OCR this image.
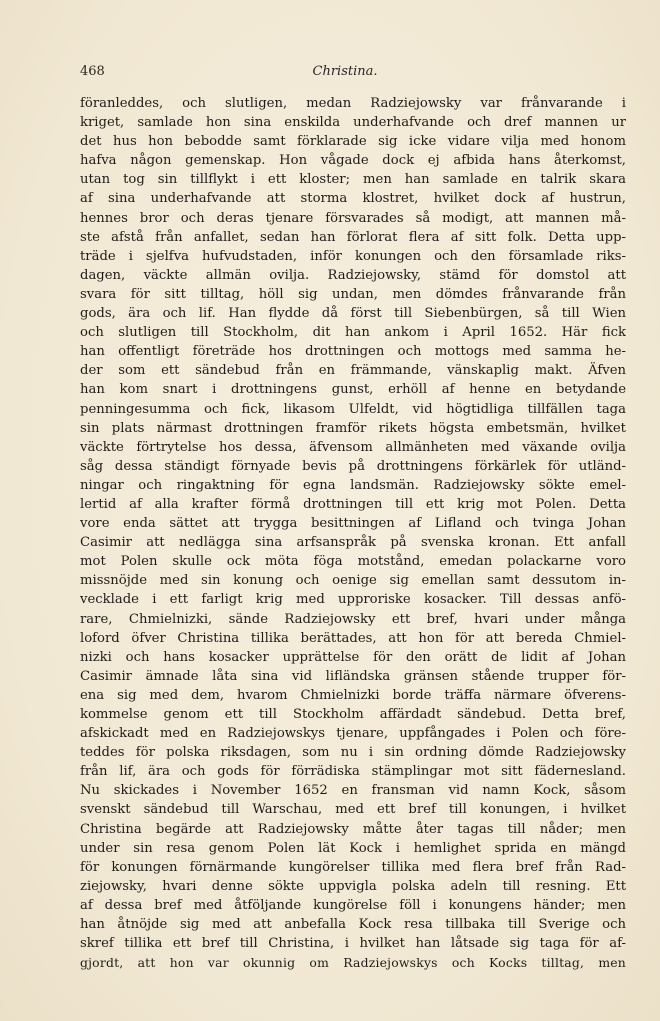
468	Christina.
föranleddes, och slutligen, medan Radziejowsky var frånvarande i
kriget, samlade hon sina enskilda underhafvande och dref mannen ur
det hus hon bebodde samt förklarade sig icke vidare vilja med honom
hafva någon gemenskap. Hon vågade dock ej afbida hans återkomst,
utan tog sin tillflykt i ett kloster; men han samlade en talrik skara
af sina underhafvande att storma klostret, hvilket dock af hustrun,
hennes bror och deras tjenare försvarades så modigt, att mannen må-
ste afstå från anfallet, sedan han förlorat flera af sitt folk. Detta upp-
träde i sjelfva hufvudstaden, inför konungen och den församlade riks-
dagen, väckte allmän ovilja. Radziejowsky, stämd för domstol att
svara för sitt tilltag, höll sig undan, men dömdes frånvarande från
gods, ära och lif. Han flydde då först till Siebenbürgen, så till Wien
och slutligen till Stockholm, dit han ankom i April 1652. Här fick
han offentligt företräde hos drottningen och mottogs med samma he-
der som ett sändebud från en främmande, vänskaplig makt. Äfven
han kom snart i drottningens gunst, erhöll af henne en betydande
penningesumma och fick, likasom Ulfeldt, vid högtidliga tillfällen taga
sin plats närmast drottningen framför rikets högsta embetsmän, hvilket
väckte förtrytelse hos dessa, äfvensom allmänheten med växande ovilja
såg dessa ständigt förnyade bevis på drottningens förkärlek för utländ-
ningar och ringaktning för egna landsmän. Radziejowsky sökte emel-
lertid af alla krafter förmå drottningen till ett krig mot Polen. Detta
vore enda sättet att trygga besittningen af Lifland och tvinga Johan
Casimir att nedlägga sina arfsanspråk på svenska kronan. Ett anfall
mot Polen skulle ock möta föga motstånd, emedan polackarne voro
missnöjde med sin konung och oenige sig emellan samt dessutom in-
vecklade i ett farligt krig med upproriske kosacker. Till dessas anfö-
rare, Chmielnizki, sände Radziejowsky ett bref, hvari under många
loford öfver Christina tillika berättades, att hon för att bereda Chmiel-
nizki och hans kosacker upprättelse för den orätt de lidit af Johan
Casimir ämnade låta sina vid lifländska gränsen stående trupper för-
ena sig med dem, hvarom Chmielnizki borde träffa närmare öfverens-
kommelse genom ett till Stockholm affärdadt sändebud. Detta bref,
afskickadt med en Radziejowskys tjenare, uppfångades i Polen och före-
teddes för polska riksdagen, som nu i sin ordning dömde Radziejowsky
från lif, ära och gods för förrädiska stämplingar mot sitt fädernesland.
Nu skickades i November 1652 en fransman vid namn Kock, såsom
svenskt sändebud till Warschau, med ett bref till konungen, i hvilket
Christina begärde att Radziejowsky måtte åter tagas till nåder; men
under sin resa genom Polen lät Kock i hemlighet sprida en mängd
för konungen förnärmande kungörelser tillika med flera bref från Rad-
ziejowsky, hvari denne sökte uppvigla polska adeln till resning. Ett
af dessa bref med åtföljande kungörelse föll i konungens händer; men
han åtnöjde sig med att anbefalla Kock resa tillbaka till Sverige och
skref tillika ett bref till Christina, i hvilket han låtsade sig taga för af-
gjordt, att hon var okunnig om Radziejowskys och Kocks tilltag, men
